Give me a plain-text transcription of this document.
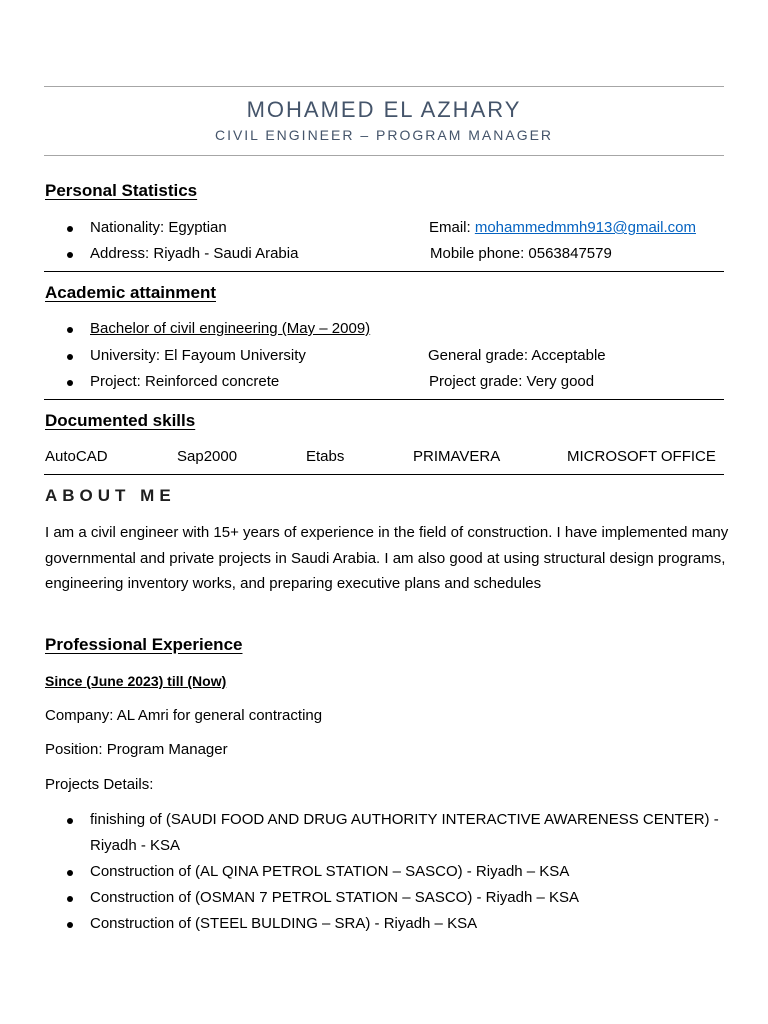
MOHAMED EL AZHARY
CIVIL ENGINEER – PROGRAM MANAGER
Personal Statistics
Nationality: Egyptian	Email: mohammedmmh913@gmail.com
Address: Riyadh - Saudi Arabia	Mobile phone: 0563847579
Academic attainment
Bachelor of civil engineering (May – 2009)
University: El Fayoum University	General grade: Acceptable
Project: Reinforced concrete	Project grade: Very good
Documented skills
AutoCAD	Sap2000	Etabs	PRIMAVERA	MICROSOFT OFFICE
ABOUT ME
I am a civil engineer with 15+ years of experience in the field of construction. I have implemented many governmental and private projects in Saudi Arabia. I am also good at using structural design programs, engineering inventory works, and preparing executive plans and schedules
Professional Experience
Since (June 2023) till (Now)
Company: AL Amri for general contracting
Position: Program Manager
Projects Details:
finishing of (SAUDI FOOD AND DRUG AUTHORITY INTERACTIVE AWARENESS CENTER) -
Riyadh - KSA
Construction of (AL QINA PETROL STATION – SASCO) - Riyadh – KSA
Construction of (OSMAN 7 PETROL STATION – SASCO) - Riyadh – KSA
Construction of (STEEL BULDING – SRA) - Riyadh – KSA
